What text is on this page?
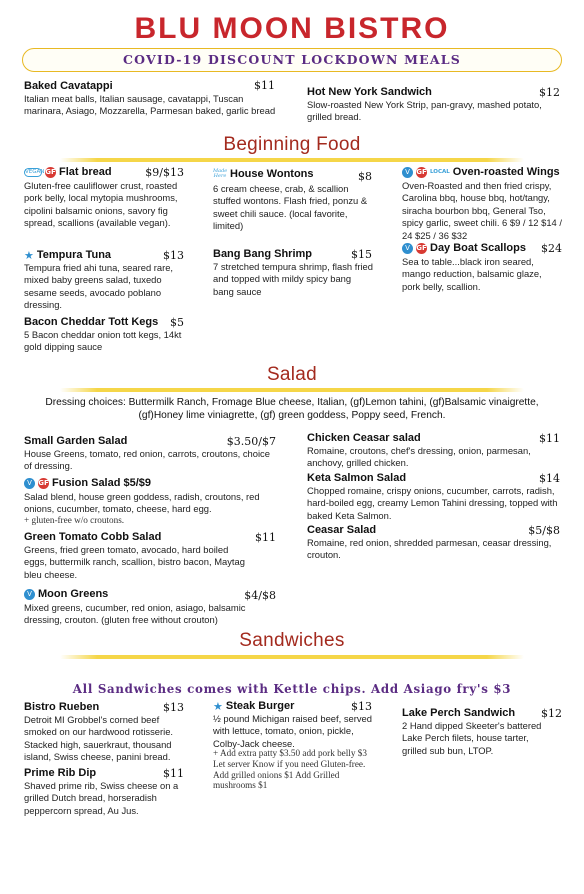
BLU MOON BISTRO
COVID-19 DISCOUNT LOCKDOWN MEALS
Baked Cavatappi	$11
Italian meat balls, Italian sausage, cavatappi, Tuscan marinara, Asiago, Mozzarella, Parmesan baked, garlic bread
Hot New York Sandwich	$12
Slow-roasted New York Strip, pan-gravy, mashed potato, grilled bread.
Beginning Food
VEGAN GF Flat bread	$9/$13
Gluten-free cauliflower crust, roasted pork belly, local mytopia mushrooms, cipolini balsamic onions, savory fig spread, scallions (available vegan).
★ Tempura Tuna	$13
Tempura fried ahi tuna, seared rare, mixed baby greens salad, tuxedo sesame seeds, avocado poblano dressing.
Bacon Cheddar Tott Kegs	$5
5 Bacon cheddar onion tott kegs, 14kt gold dipping sauce
Made Here House Wontons	$8
6 cream cheese, crab, & scallion stuffed wontons. Flash fried, ponzu & sweet chili sauce. (local favorite, limited)
Bang Bang Shrimp	$15
7 stretched tempura shrimp, flash fried and topped with mildy spicy bang bang sauce
V GF LOCAL Oven-roasted Wings
Oven-Roasted and then fried crispy, Carolina bbq, house bbq, hot/tangy, siracha bourbon bbq, General Tso, spicy garlic, sweet chili. 6 $9 / 12 $14 / 24 $25 / 36 $32
V GF Day Boat Scallops	$24
Sea to table...black iron seared, mango reduction, balsamic glaze, pork belly, scallion.
Salad
Dressing choices: Buttermilk Ranch, Fromage Blue cheese, Italian, (gf)Lemon tahini, (gf)Balsamic vinaigrette, (gf)Honey lime viniagrette, (gf) green goddess, Poppy seed, French.
Small Garden Salad	$3.50/$7
House Greens, tomato, red onion, carrots, croutons, choice of dressing.
V GF Fusion Salad $5/$9
Salad blend, house green goddess, radish, croutons, red onions, cucumber, tomato, cheese, hard egg.
+ gluten-free w/o croutons.
Green Tomato Cobb Salad	$11
Greens, fried green tomato, avocado, hard boiled eggs, buttermilk ranch, scallion, bistro bacon, Maytag bleu cheese.
V Moon Greens	$4/$8
Mixed greens, cucumber, red onion, asiago, balsamic dressing, crouton. (gluten free without crouton)
Chicken Ceasar salad	$11
Romaine, croutons, chef's dressing, onion, parmesan, anchovy, grilled chicken.
Keta Salmon Salad	$14
Chopped romaine, crispy onions, cucumber, carrots, radish, hard-boiled egg, creamy Lemon Tahini dressing, topped with baked Keta Salmon.
Ceasar Salad	$5/$8
Romaine, red onion, shredded parmesan, ceasar dressing, crouton.
Sandwiches
All Sandwiches comes with Kettle chips. Add Asiago fry's $3
Bistro Rueben	$13
Detroit MI Grobbel's corned beef smoked on our hardwood rotisserie. Stacked high, sauerkraut, thousand island, Swiss cheese, panini bread.
Prime Rib Dip	$11
Shaved prime rib, Swiss cheese on a grilled Dutch bread, horseradish peppercorn spread, Au Jus.
★ Steak Burger	$13
½ pound Michigan raised beef, served with lettuce, tomato, onion, pickle, Colby-Jack cheese.
+ Add extra patty $3.50 add pork belly $3 Let server Know if you need Gluten-free. Add grilled onions $1 Add Grilled mushrooms $1
Lake Perch Sandwich	$12
2 Hand dipped Skeeter's battered Lake Perch filets, house tarter, grilled sub bun, LTOP.
